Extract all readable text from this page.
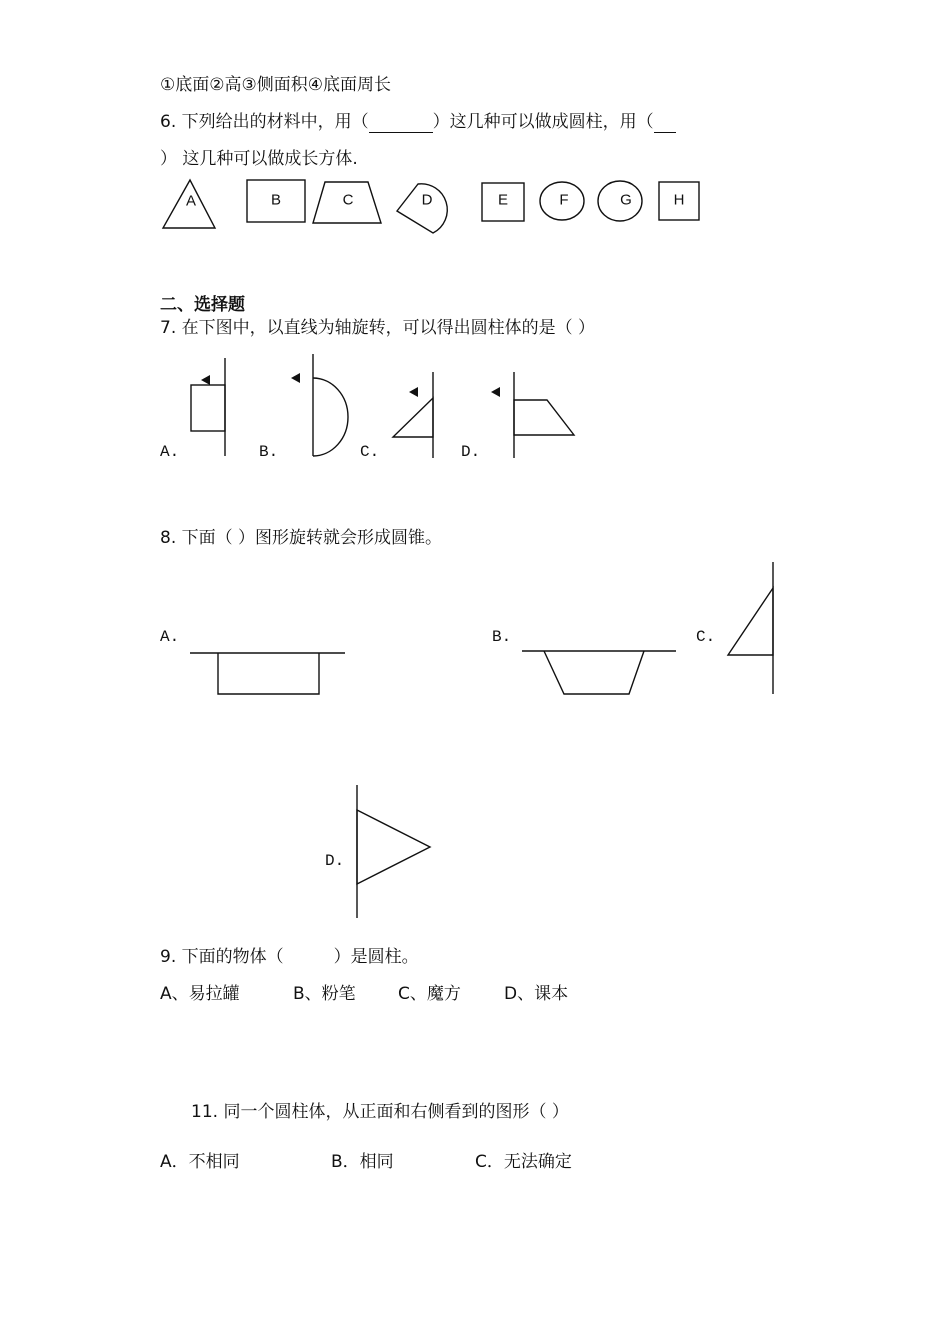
①底面②高③侧面积④底面周长
6. 下列给出的材料中，用（	）这几种可以做成圆柱，用（
） 这几种可以做成长方体.
A	B	C	D	E	F	G	H
二、选择题
7. 在下图中，以直线为轴旋转，可以得出圆柱体的是（ ）
A.	B.	C.	D.
8. 下面（ ）图形旋转就会形成圆锥。
A.	B.	C.
D.
9. 下面的物体（	）是圆柱。
A、易拉罐	B、粉笔 C、魔方	D、课本
11. 同一个圆柱体，从正面和右侧看到的图形（ ）
A．不相同	B．相同	C．无法确定
